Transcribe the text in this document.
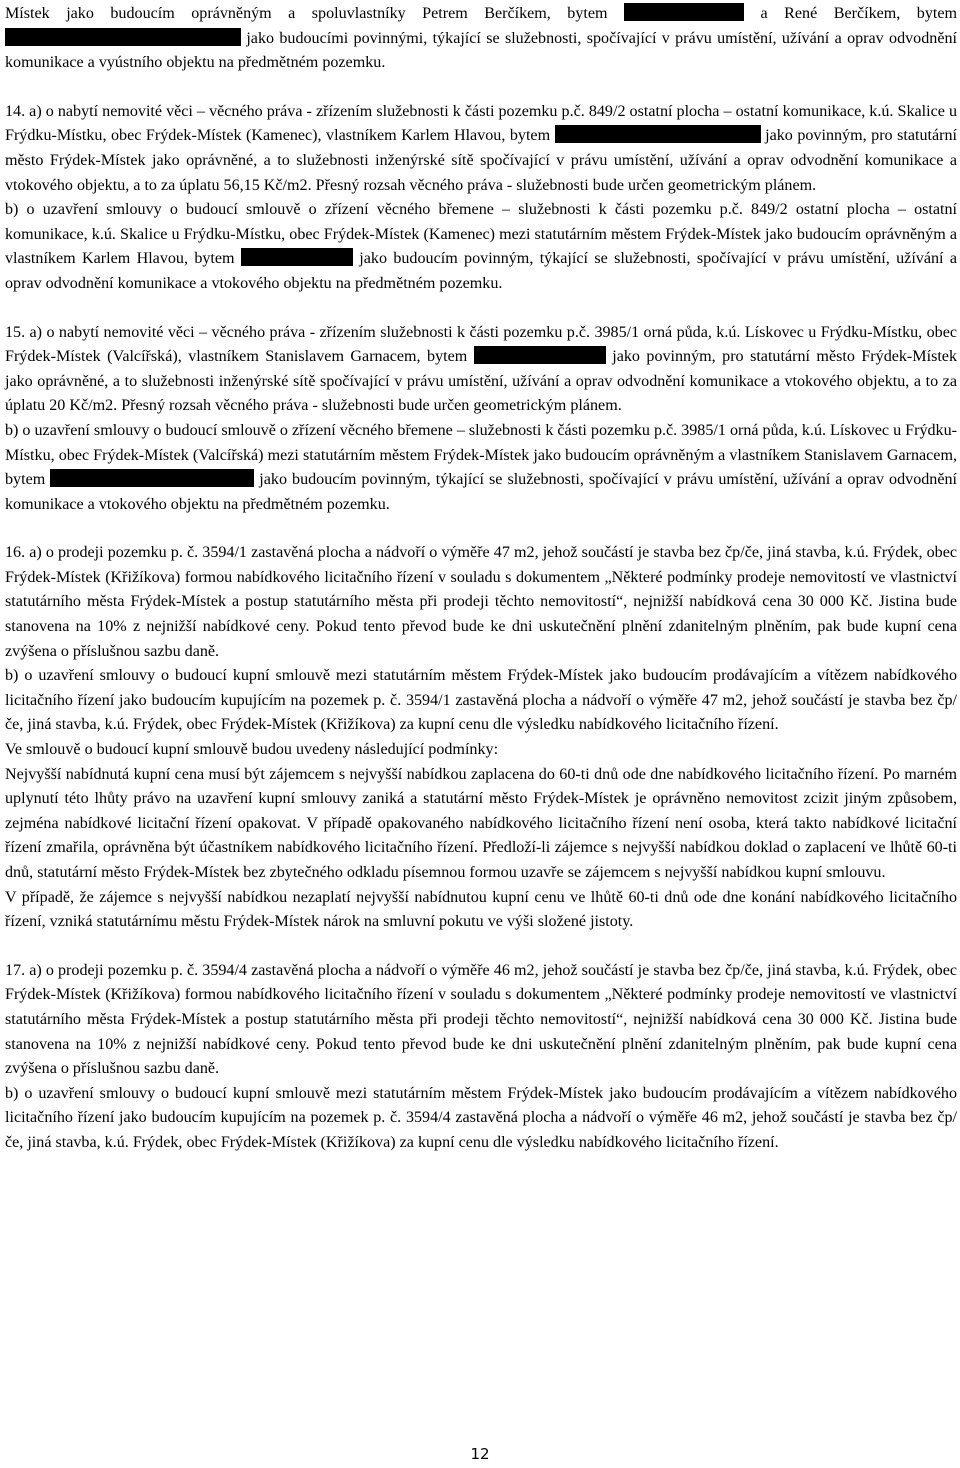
Místek jako budoucím oprávněným a spoluvlastníky Petrem Berčíkem, bytem	a René Berčíkem, bytem  jako budoucími povinnými, týkající se služebnosti, spočívající v právu umístění, užívání a oprav odvodnění komunikace a vyústního objektu na předmětném pozemku.

14. a) o nabytí nemovité věci – věcného práva - zřízením služebnosti k části pozemku p.č. 849/2 ostatní plocha – ostatní komunikace, k.ú. Skalice u Frýdku-Místku, obec Frýdek-Místek (Kamenec), vlastníkem Karlem Hlavou, bytem	jako povinným, pro statutární město Frýdek-Místek jako oprávněné, a to služebnosti inženýrské sítě spočívající v právu umístění, užívání a oprav odvodnění komunikace a vtokového objektu, a to za úplatu 56,15 Kč/m2. Přesný rozsah věcného práva - služebnosti bude určen geometrickým plánem.

b) o uzavření smlouvy o budoucí smlouvě o zřízení věcného břemene – služebnosti k části pozemku p.č. 849/2 ostatní plocha – ostatní komunikace, k.ú. Skalice u Frýdku-Místku, obec Frýdek-Místek (Kamenec) mezi statutárním městem Frýdek-Místek jako budoucím oprávněným a vlastníkem Karlem Hlavou, bytem	jako budoucím povinným, týkající se služebnosti, spočívající v právu umístění, užívání a oprav odvodnění komunikace a vtokového objektu na předmětném pozemku.

15. a) o nabytí nemovité věci – věcného práva - zřízením služebnosti k části pozemku p.č. 3985/1 orná půda, k.ú. Lískovec u Frýdku-Místku, obec Frýdek-Místek (Valcířská), vlastníkem Stanislavem Garnacem, bytem	jako povinným, pro statutární město Frýdek-Místek jako oprávněné, a to služebnosti inženýrské sítě spočívající v právu umístění, užívání a oprav odvodnění komunikace a vtokového objektu, a to za úplatu 20 Kč/m2. Přesný rozsah věcného práva - služebnosti bude určen geometrickým plánem.

b) o uzavření smlouvy o budoucí smlouvě o zřízení věcného břemene – služebnosti k části pozemku p.č. 3985/1 orná půda, k.ú. Lískovec u Frýdku-Místku, obec Frýdek-Místek (Valcířská) mezi statutárním městem Frýdek-Místek jako budoucím oprávněným a vlastníkem Stanislavem Garnacem, bytem	jako budoucím povinným, týkající se služebnosti, spočívající v právu umístění, užívání a oprav odvodnění komunikace a vtokového objektu na předmětném pozemku.

16. a) o prodeji pozemku p. č. 3594/1 zastavěná plocha a nádvoří o výměře 47 m2, jehož součástí je stavba bez čp/če, jiná stavba, k.ú. Frýdek, obec Frýdek-Místek (Křižíkova) formou nabídkového licitačního řízení v souladu s dokumentem „Některé podmínky prodeje nemovitostí ve vlastnictví statutárního města Frýdek-Místek a postup statutárního města při prodeji těchto nemovitostí“, nejnižší nabídková cena 30 000 Kč. Jistina bude stanovena na 10% z nejnižší nabídkové ceny. Pokud tento převod bude ke dni uskutečnění plnění zdanitelným plněním, pak bude kupní cena zvýšena o příslušnou sazbu daně.

b) o uzavření smlouvy o budoucí kupní smlouvě mezi statutárním městem Frýdek-Místek jako budoucím prodávajícím a vítězem nabídkového licitačního řízení jako budoucím kupujícím na pozemek p. č. 3594/1 zastavěná plocha a nádvoří o výměře 47 m2, jehož součástí je stavba bez čp/če, jiná stavba, k.ú. Frýdek, obec Frýdek-Místek (Křižíkova) za kupní cenu dle výsledku nabídkového licitačního řízení.

Ve smlouvě o budoucí kupní smlouvě budou uvedeny následující podmínky:

Nejvyšší nabídnutá kupní cena musí být zájemcem s nejvyšší nabídkou zaplacena do 60-ti dnů ode dne nabídkového licitačního řízení. Po marném uplynutí této lhůty právo na uzavření kupní smlouvy zaniká a statutární město Frýdek-Místek je oprávněno nemovitost zcizit jiným způsobem, zejména nabídkové licitační řízení opakovat. V případě opakovaného nabídkového licitačního řízení není osoba, která takto nabídkové licitační řízení zmařila, oprávněna být účastníkem nabídkového licitačního řízení. Předloží-li zájemce s nejvyšší nabídkou doklad o zaplacení ve lhůtě 60-ti dnů, statutární město Frýdek-Místek bez zbytečného odkladu písemnou formou uzavře se zájemcem s nejvyšší nabídkou kupní smlouvu.

V případě, že zájemce s nejvyšší nabídkou nezaplatí nejvyšší nabídnutou kupní cenu ve lhůtě 60-ti dnů ode dne konání nabídkového licitačního řízení, vzniká statutárnímu městu Frýdek-Místek nárok na smluvní pokutu ve výši složené jistoty.

17. a) o prodeji pozemku p. č. 3594/4 zastavěná plocha a nádvoří o výměře 46 m2, jehož součástí je stavba bez čp/če, jiná stavba, k.ú. Frýdek, obec Frýdek-Místek (Křižíkova) formou nabídkového licitačního řízení v souladu s dokumentem „Některé podmínky prodeje nemovitostí ve vlastnictví statutárního města Frýdek-Místek a postup statutárního města při prodeji těchto nemovitostí“, nejnižší nabídková cena 30 000 Kč. Jistina bude stanovena na 10% z nejnižší nabídkové ceny. Pokud tento převod bude ke dni uskutečnění plnění zdanitelným plněním, pak bude kupní cena zvýšena o příslušnou sazbu daně.

b) o uzavření smlouvy o budoucí kupní smlouvě mezi statutárním městem Frýdek-Místek jako budoucím prodávajícím a vítězem nabídkového licitačního řízení jako budoucím kupujícím na pozemek p. č. 3594/4 zastavěná plocha a nádvoří o výměře 46 m2, jehož součástí je stavba bez čp/če, jiná stavba, k.ú. Frýdek, obec Frýdek-Místek (Křižíkova) za kupní cenu dle výsledku nabídkového licitačního řízení.

12
